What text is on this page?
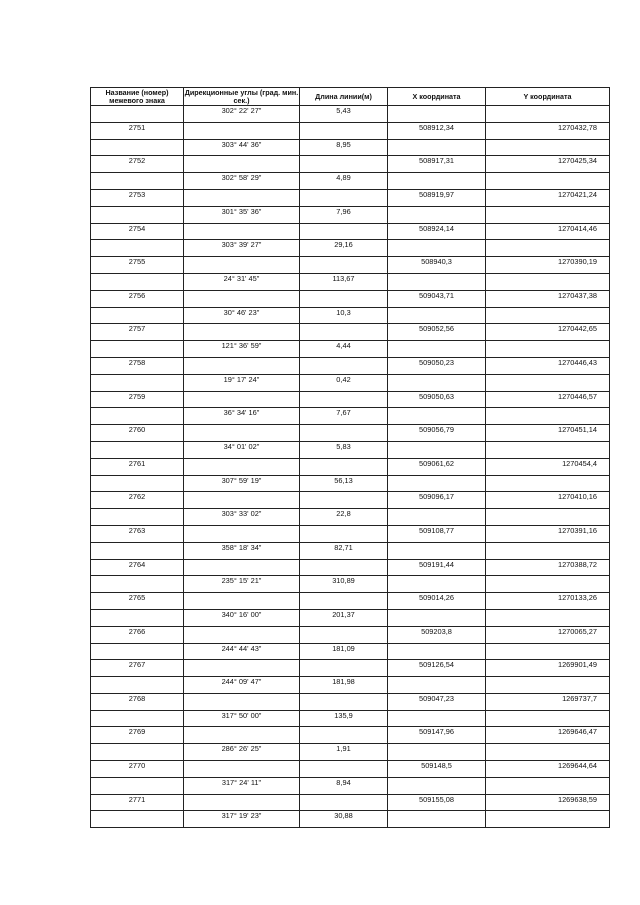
Название (номер) межевого знака	Дирекционные углы (град. мин. сек.)	Длина линии(м)	X координата	Y координата
	302° 22' 27"	5,43		
2751			508912,34	1270432,78
	303° 44' 36"	8,95		
2752			508917,31	1270425,34
	302° 58' 29"	4,89		
2753			508919,97	1270421,24
	301° 35' 36"	7,96		
2754			508924,14	1270414,46
	303° 39' 27"	29,16		
2755			508940,3	1270390,19
	24° 31' 45"	113,67		
2756			509043,71	1270437,38
	30° 46' 23"	10,3		
2757			509052,56	1270442,65
	121° 36' 59"	4,44		
2758			509050,23	1270446,43
	19° 17' 24"	0,42		
2759			509050,63	1270446,57
	36° 34' 16"	7,67		
2760			509056,79	1270451,14
	34° 01' 02"	5,83		
2761			509061,62	1270454,4
	307° 59' 19"	56,13		
2762			509096,17	1270410,16
	303° 33' 02"	22,8		
2763			509108,77	1270391,16
	358° 18' 34"	82,71		
2764			509191,44	1270388,72
	235° 15' 21"	310,89		
2765			509014,26	1270133,26
	340° 16' 00"	201,37		
2766			509203,8	1270065,27
	244° 44' 43"	181,09		
2767			509126,54	1269901,49
	244° 09' 47"	181,98		
2768			509047,23	1269737,7
	317° 50' 00"	135,9		
2769			509147,96	1269646,47
	286° 26' 25"	1,91		
2770			509148,5	1269644,64
	317° 24' 11"	8,94		
2771			509155,08	1269638,59
	317° 19' 23"	30,88		
